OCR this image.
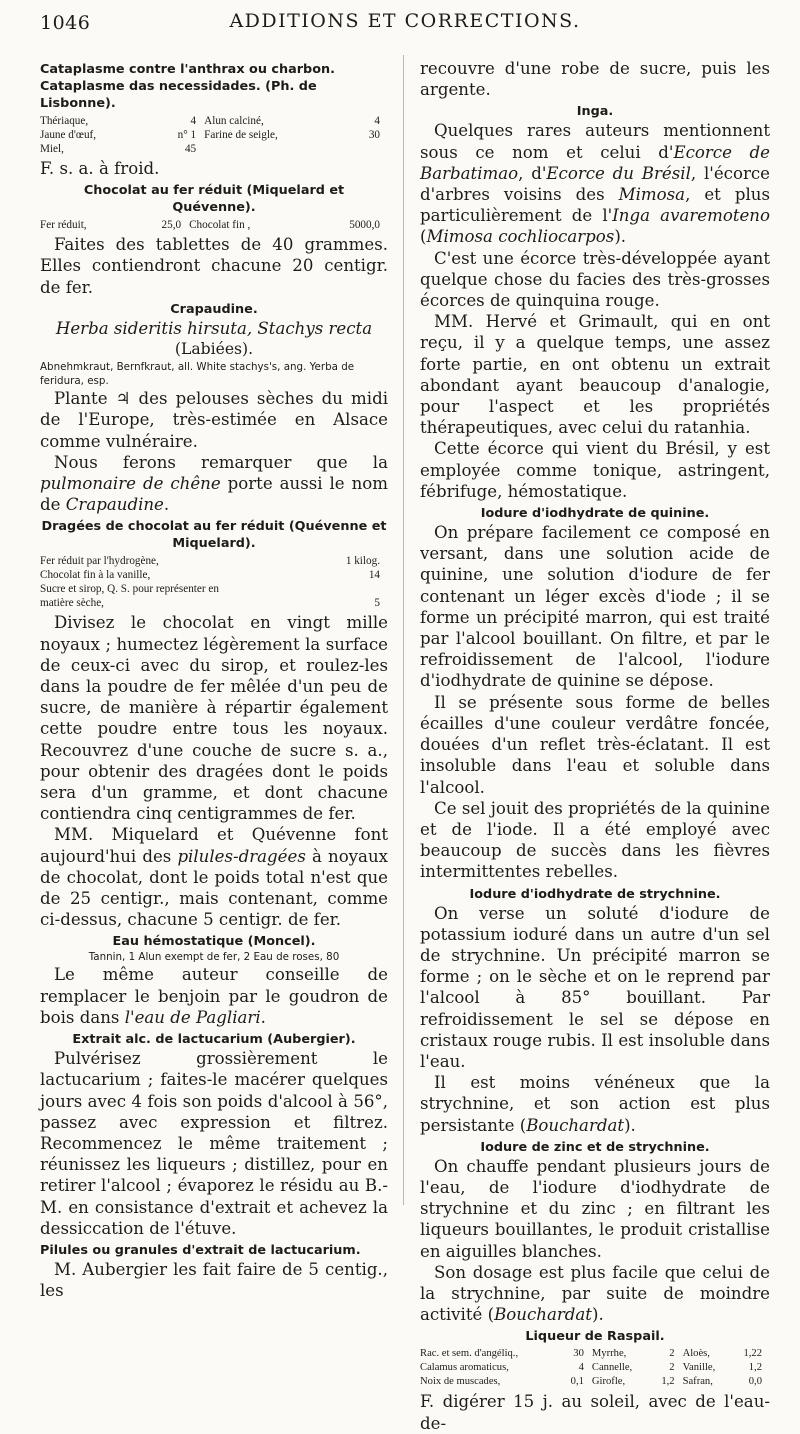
1046	ADDITIONS ET CORRECTIONS.
Cataplasme contre l'anthrax ou charbon. Cataplasme das necessidades. (Ph. de Lisbonne).
Thériaque,	4	Alun calciné,	4
Jaune d'œuf,	n° 1	Farine de seigle,	30
Miel,	45		

F. s. a. à froid.

Chocolat au fer réduit (Miquelard et Quévenne).
Fer réduit,	25,0	Chocolat fin ,	5000,0

Faites des tablettes de 40 grammes. Elles contiendront chacune 20 centigr. de fer.

Crapaudine.
Herba sideritis hirsuta, Stachys recta
(Labiées).
Abnehmkraut, Bernfkraut, all. White stachys's, ang. Yerba de feridura, esp.

Plante ♃ des pelouses sèches du midi de l'Europe, très-estimée en Alsace comme vulnéraire.

Nous ferons remarquer que la pulmonaire de chêne porte aussi le nom de Crapaudine.

Dragées de chocolat au fer réduit (Quévenne et Miquelard).
Fer réduit par l'hydrogène,	1 kilog.
Chocolat fin à la vanille,	14
Sucre et sirop, Q. S. pour représenter en	
matière sèche,	5

Divisez le chocolat en vingt mille noyaux ; humectez légèrement la surface de ceux-ci avec du sirop, et roulez-les dans la poudre de fer mêlée d'un peu de sucre, de manière à répartir également cette poudre entre tous les noyaux. Recouvrez d'une couche de sucre s. a., pour obtenir des dragées dont le poids sera d'un gramme, et dont chacune contiendra cinq centigrammes de fer.

MM. Miquelard et Quévenne font aujourd'hui des pilules-dragées à noyaux de chocolat, dont le poids total n'est que de 25 centigr., mais contenant, comme ci-dessus, chacune 5 centigr. de fer.

Eau hémostatique (Moncel).
Tannin, 1 Alun exempt de fer, 2 Eau de roses, 80

Le même auteur conseille de remplacer le benjoin par le goudron de bois dans l'eau de Pagliari.

Extrait alc. de lactucarium (Aubergier).

Pulvérisez grossièrement le lactucarium ; faites-le macérer quelques jours avec 4 fois son poids d'alcool à 56°, passez avec expression et filtrez. Recommencez le même traitement ; réunissez les liqueurs ; distillez, pour en retirer l'alcool ; évaporez le résidu au B.-M. en consistance d'extrait et achevez la dessiccation de l'étuve.

Pilules ou granules d'extrait de lactucarium.

M. Aubergier les fait faire de 5 centig., les

recouvre d'une robe de sucre, puis les argente.

Inga.

Quelques rares auteurs mentionnent sous ce nom et celui d'Ecorce de Barbatimao, d'Ecorce du Brésil, l'écorce d'arbres voisins des Mimosa, et plus particulièrement de l'Inga avaremoteno (Mimosa cochliocarpos).

C'est une écorce très-développée ayant quelque chose du facies des très-grosses écorces de quinquina rouge.

MM. Hervé et Grimault, qui en ont reçu, il y a quelque temps, une assez forte partie, en ont obtenu un extrait abondant ayant beaucoup d'analogie, pour l'aspect et les propriétés thérapeutiques, avec celui du ratanhia.

Cette écorce qui vient du Brésil, y est employée comme tonique, astringent, fébrifuge, hémostatique.

Iodure d'iodhydrate de quinine.

On prépare facilement ce composé en versant, dans une solution acide de quinine, une solution d'iodure de fer contenant un léger excès d'iode ; il se forme un précipité marron, qui est traité par l'alcool bouillant. On filtre, et par le refroidissement de l'alcool, l'iodure d'iodhydrate de quinine se dépose.

Il se présente sous forme de belles écailles d'une couleur verdâtre foncée, douées d'un reflet très-éclatant. Il est insoluble dans l'eau et soluble dans l'alcool.

Ce sel jouit des propriétés de la quinine et de l'iode. Il a été employé avec beaucoup de succès dans les fièvres intermittentes rebelles.

Iodure d'iodhydrate de strychnine.

On verse un soluté d'iodure de potassium ioduré dans un autre d'un sel de strychnine. Un précipité marron se forme ; on le sèche et on le reprend par l'alcool à 85° bouillant. Par refroidissement le sel se dépose en cristaux rouge rubis. Il est insoluble dans l'eau.

Il est moins vénéneux que la strychnine, et son action est plus persistante (Bouchardat).

Iodure de zinc et de strychnine.

On chauffe pendant plusieurs jours de l'eau, de l'iodure d'iodhydrate de strychnine et du zinc ; en filtrant les liqueurs bouillantes, le produit cristallise en aiguilles blanches.

Son dosage est plus facile que celui de la strychnine, par suite de moindre activité (Bouchardat).

Liqueur de Raspail.
Rac. et sem. d'angéliq.,	30	Myrrhe,	2	Aloès,	1,22
Calamus aromaticus,	4	Cannelle,	2	Vanille,	1,2
Noix de muscades,	0,1	Girofle,	1,2	Safran,	0,0

F. digérer 15 j. au soleil, avec de l'eau-de-
